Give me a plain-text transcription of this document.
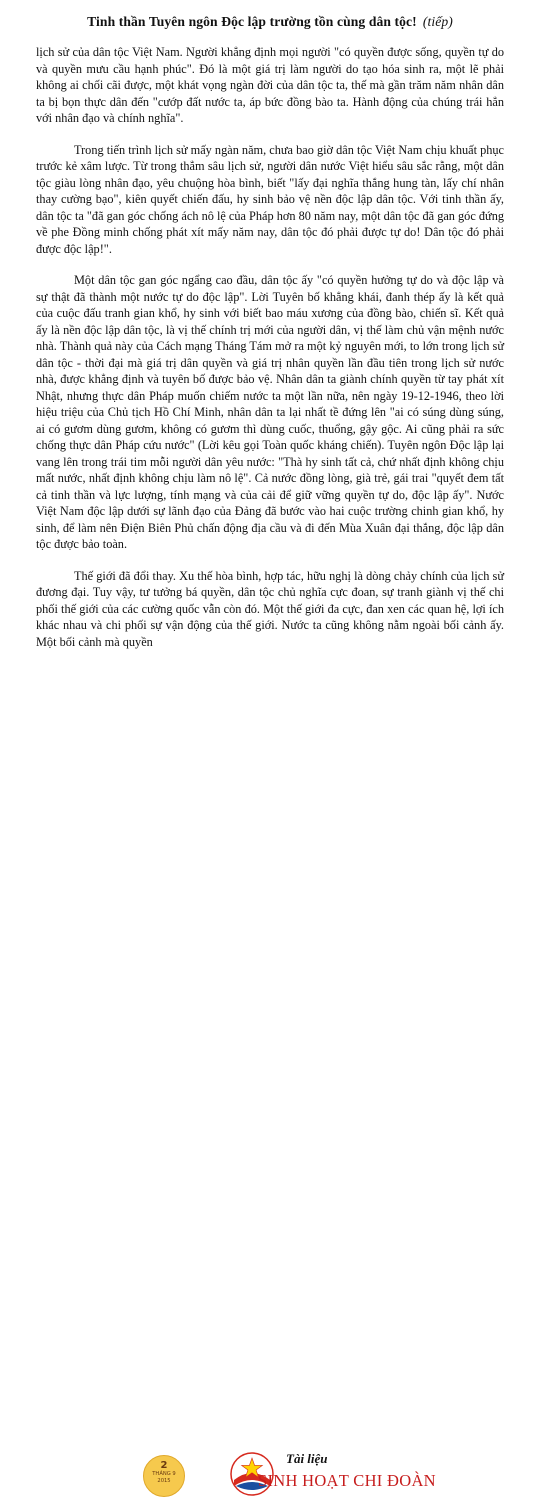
Tinh thần Tuyên ngôn Độc lập trường tồn cùng dân tộc! (tiếp)

lịch sử của dân tộc Việt Nam. Người khẳng định mọi người "có quyền được sống, quyền tự do và quyền mưu cầu hạnh phúc". Đó là một giá trị làm người do tạo hóa sinh ra, một lẽ phải không ai chối cãi được, một khát vọng ngàn đời của dân tộc ta, thế mà gần trăm năm nhân dân ta bị bọn thực dân đến "cướp đất nước ta, áp bức đồng bào ta. Hành động của chúng trái hẳn với nhân đạo và chính nghĩa".

Trong tiến trình lịch sử mấy ngàn năm, chưa bao giờ dân tộc Việt Nam chịu khuất phục trước kẻ xâm lược. Từ trong thẳm sâu lịch sử, người dân nước Việt hiểu sâu sắc rằng, một dân tộc giàu lòng nhân đạo, yêu chuộng hòa bình, biết "lấy đại nghĩa thắng hung tàn, lấy chí nhân thay cường bạo", kiên quyết chiến đấu, hy sinh bảo vệ nền độc lập dân tộc. Với tinh thần ấy, dân tộc ta "đã gan góc chống ách nô lệ của Pháp hơn 80 năm nay, một dân tộc đã gan góc đứng về phe Đồng minh chống phát xít mấy năm nay, dân tộc đó phải được tự do! Dân tộc đó phải được độc lập!".

Một dân tộc gan góc ngẩng cao đầu, dân tộc ấy "có quyền hưởng tự do và độc lập và sự thật đã thành một nước tự do độc lập". Lời Tuyên bố khẳng khái, đanh thép ấy là kết quả của cuộc đấu tranh gian khổ, hy sinh với biết bao máu xương của đồng bào, chiến sĩ. Kết quả ấy là nền độc lập dân tộc, là vị thế chính trị mới của người dân, vị thế làm chủ vận mệnh nước nhà. Thành quả này của Cách mạng Tháng Tám mở ra một kỷ nguyên mới, to lớn trong lịch sử dân tộc - thời đại mà giá trị dân quyền và giá trị nhân quyền lần đầu tiên trong lịch sử nước nhà, được khẳng định và tuyên bố được bảo vệ. Nhân dân ta giành chính quyền từ tay phát xít Nhật, nhưng thực dân Pháp muốn chiếm nước ta một lần nữa, nên ngày 19-12-1946, theo lời hiệu triệu của Chủ tịch Hồ Chí Minh, nhân dân ta lại nhất tề đứng lên "ai có súng dùng súng, ai có gươm dùng gươm, không có gươm thì dùng cuốc, thuổng, gậy gộc. Ai cũng phải ra sức chống thực dân Pháp cứu nước" (Lời kêu gọi Toàn quốc kháng chiến). Tuyên ngôn Độc lập lại vang lên trong trái tim mỗi người dân yêu nước: "Thà hy sinh tất cả, chứ nhất định không chịu mất nước, nhất định không chịu làm nô lệ". Cả nước đồng lòng, già trẻ, gái trai "quyết đem tất cả tinh thần và lực lượng, tính mạng và của cải để giữ vững quyền tự do, độc lập ấy". Nước Việt Nam độc lập dưới sự lãnh đạo của Đảng đã bước vào hai cuộc trường chinh gian khổ, hy sinh, để làm nên Điện Biên Phủ chấn động địa cầu và đi đến Mùa Xuân đại thắng, độc lập dân tộc được bảo toàn.

Thế giới đã đổi thay. Xu thế hòa bình, hợp tác, hữu nghị là dòng chảy chính của lịch sử đương đại. Tuy vậy, tư tưởng bá quyền, dân tộc chủ nghĩa cực đoan, sự tranh giành vị thế chi phối thế giới của các cường quốc vẫn còn đó. Một thế giới đa cực, đan xen các quan hệ, lợi ích khác nhau và chi phối sự vận động của thế giới. Nước ta cũng không nằm ngoài bối cảnh ấy. Một bối cảnh mà quyền

2
THÁNG 9
2015
Tài liệu
SINH HOẠT CHI ĐOÀN
